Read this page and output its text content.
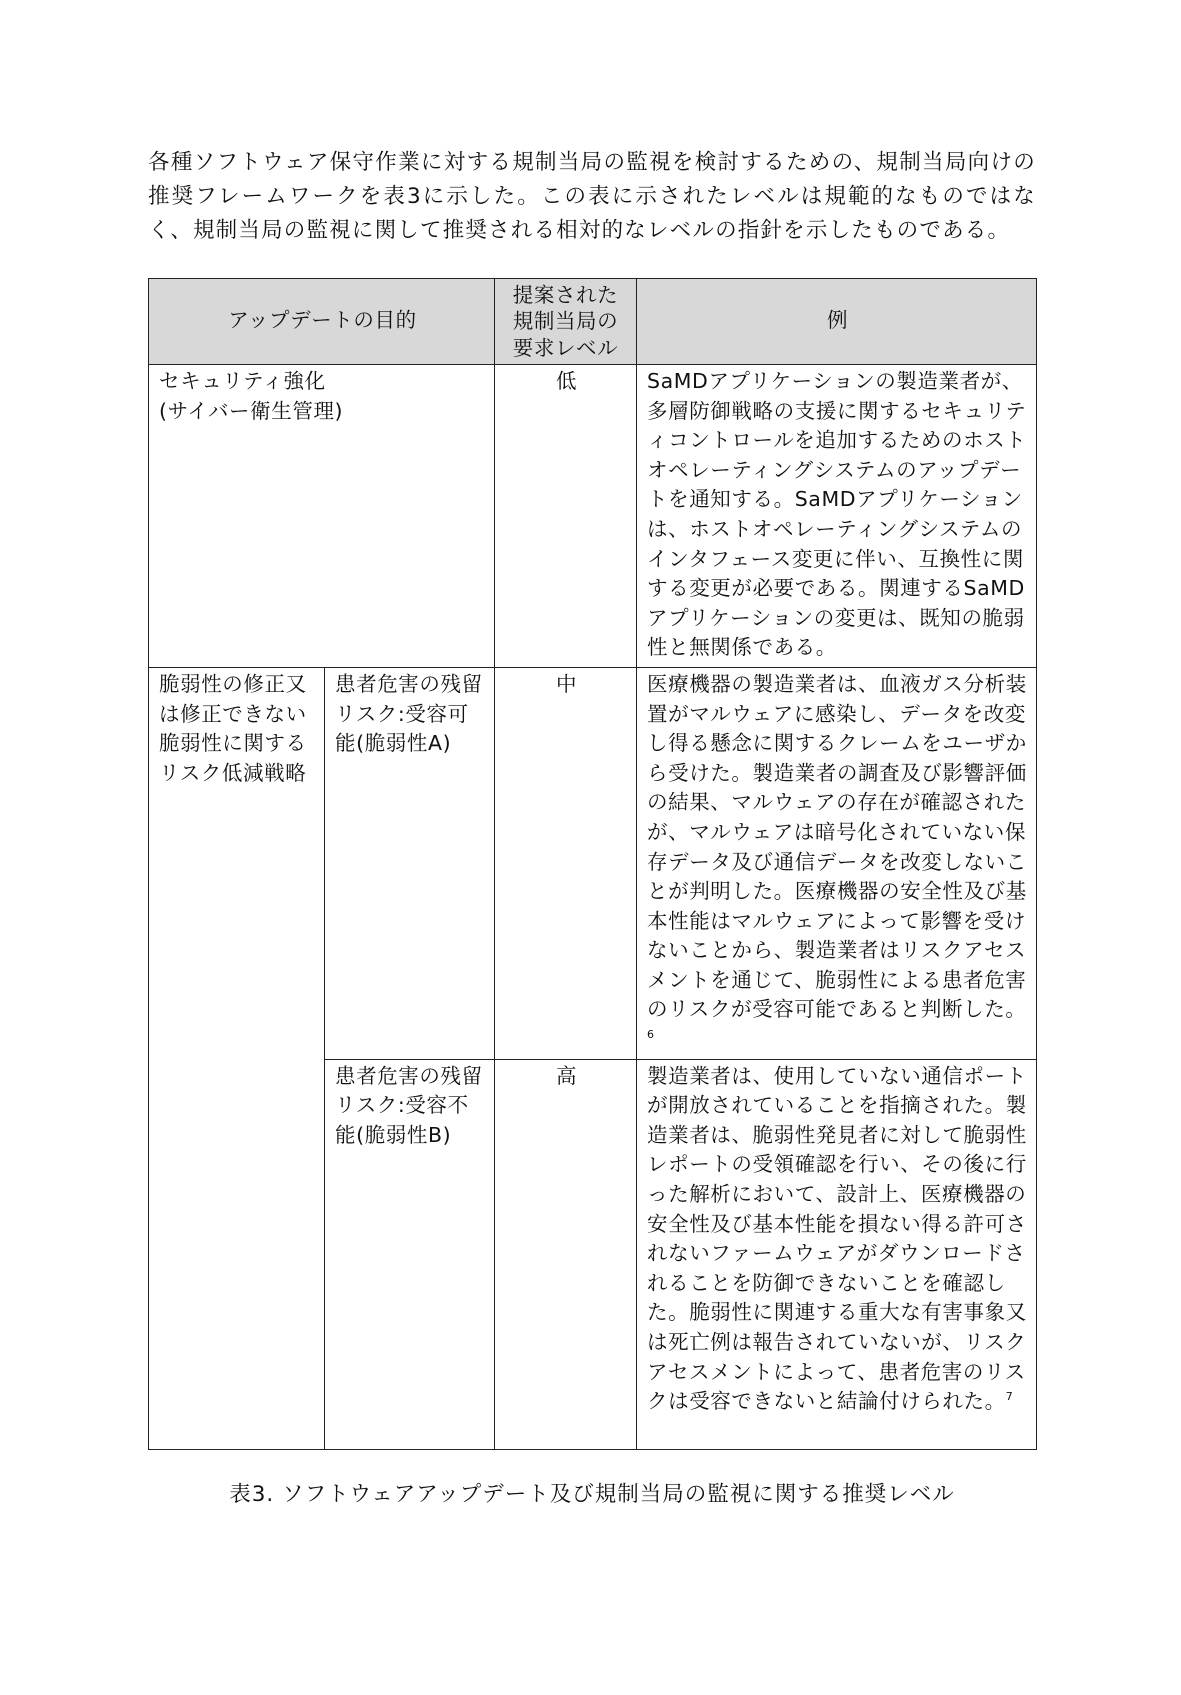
各種ソフトウェア保守作業に対する規制当局の監視を検討するための、規制当局向けの推奨フレームワークを表3に示した。この表に示されたレベルは規範的なものではなく、規制当局の監視に関して推奨される相対的なレベルの指針を示したものである。

アップデートの目的		提案された規制当局の要求レベル	例
セキュリティ強化(サイバー衛生管理)		低	SaMDアプリケーションの製造業者が、多層防御戦略の支援に関するセキュリティコントロールを追加するためのホストオペレーティングシステムのアップデートを通知する。SaMDアプリケーションは、ホストオペレーティングシステムのインタフェース変更に伴い、互換性に関する変更が必要である。関連するSaMDアプリケーションの変更は、既知の脆弱性と無関係である。
脆弱性の修正又は修正できない脆弱性に関するリスク低減戦略	患者危害の残留リスク:受容可能(脆弱性A)	中	医療機器の製造業者は、血液ガス分析装置がマルウェアに感染し、データを改変し得る懸念に関するクレームをユーザから受けた。製造業者の調査及び影響評価の結果、マルウェアの存在が確認されたが、マルウェアは暗号化されていない保存データ及び通信データを改変しないことが判明した。医療機器の安全性及び基本性能はマルウェアによって影響を受けないことから、製造業者はリスクアセスメントを通じて、脆弱性による患者危害のリスクが受容可能であると判断した。$^6$
	患者危害の残留リスク:受容不能(脆弱性B)	高	製造業者は、使用していない通信ポートが開放されていることを指摘された。製造業者は、脆弱性発見者に対して脆弱性レポートの受領確認を行い、その後に行った解析において、設計上、医療機器の安全性及び基本性能を損ない得る許可されないファームウェアがダウンロードされることを防御できないことを確認した。脆弱性に関連する重大な有害事象又は死亡例は報告されていないが、リスクアセスメントによって、患者危害のリスクは受容できないと結論付けられた。$^7$

表3. ソフトウェアアップデート及び規制当局の監視に関する推奨レベル
